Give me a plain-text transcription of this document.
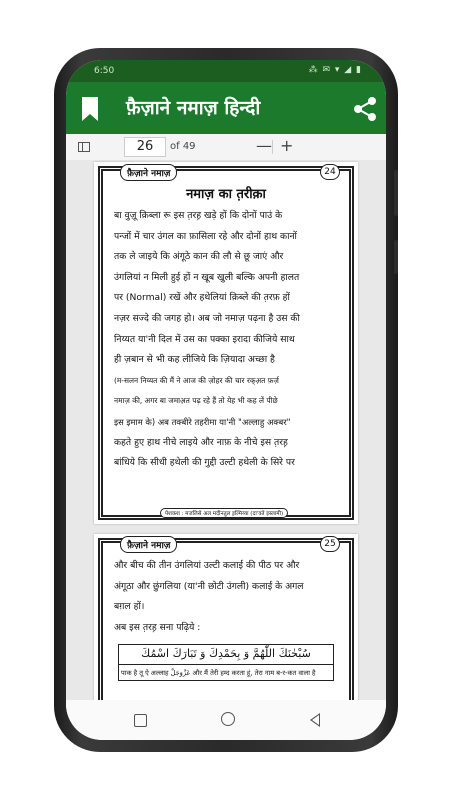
6:50	⁂ ✉ ▾ ◢ ▮
फ़ैज़ाने नमाज़ हिन्दी
26	of 49	— +
फ़ैज़ाने नमाज़	24
नमाज़ का त़रीक़ा

बा वुज़ू क़िब्ला रू इस त़रह़ खड़े हों कि दोनों पाउं के

पन्जों में चार उंगल का फ़ासिला रहे और दोनों हाथ कानों

तक ले जाइये कि अंगूठे कान की लौ से छू जाएं और

उंगलियां न मिली हुई हों न खूब खुली बल्कि अपनी हालत

पर (Normal) रखें और हथेलियां क़िब्ले की त़रफ़ हों

नज़र सज्दे की जगह हो। अब जो नमाज़ पढ़ना है उस की

निय्यत या'नी दिल में उस का पक्का इरादा कीजिये साथ

ही ज़बान से भी कह लीजिये कि ज़ियादा अच्छा है

(म-सलन निय्यत की मैं ने आज की ज़ोहर की चार रक्अ़त फ़र्ज़

नमाज़ की, अगर बा जमाअ़त पढ़ रहे हैं तो येह भी कह लें पीछे

इस इमाम के) अब तक्बीरे तहरीमा या'नी "अल्लाहु अक्बर"

कहते हुए हाथ नीचे लाइये और नाफ़ के नीचे इस त़रह़

बांधिये कि सीधी हथेली की गुद्दी उल्टी हथेली के सिरे पर

पेशकश : मजलिसे अल मदीनतुल इ़ल्मिय्या (दा'वते इस्लामी)
फ़ैज़ाने नमाज़	25

और बीच की तीन उंगलियां उल्टी कलाई की पीठ पर और

अंगूठा और छुंगलिया (या'नी छोटी उंगली) कलाई के अगल

बग़ल हों।

अब इस त़रह़ सना पढ़िये :

سُبْحٰنَكَ اللّٰهُمَّ وَ بِحَمْدِكَ وَ تَبَارَكَ اسْمُكَ
पाक है तू ऐ अल्लाह عَزَّوَجَلَّ और मैं तेरी हम्द करता हूं, तेरा नाम ब-र-कत वाला है
